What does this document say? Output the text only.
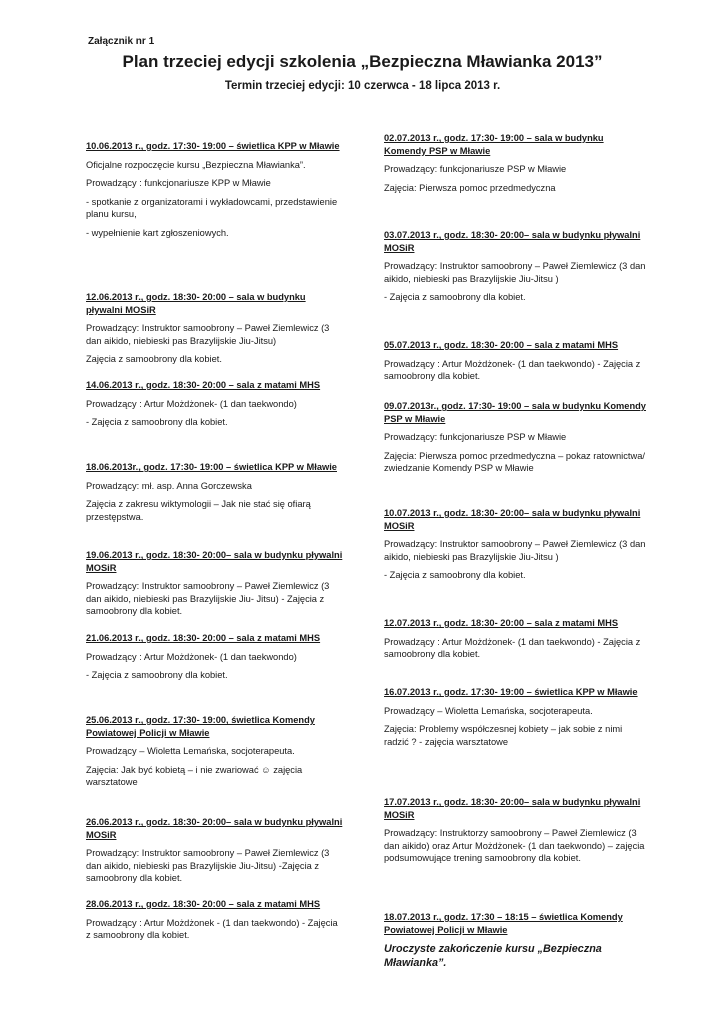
Załącznik nr 1
Plan trzeciej edycji szkolenia „Bezpieczna Mławianka 2013”
Termin trzeciej edycji: 10 czerwca - 18 lipca 2013 r.
10.06.2013 r., godz. 17:30- 19:00 – świetlica KPP w Mławie

Oficjalne rozpoczęcie kursu „Bezpieczna Mławianka”.

Prowadzący : funkcjonariusze KPP w Mławie

- spotkanie z organizatorami i wykładowcami, przedstawienie planu kursu,

- wypełnienie kart zgłoszeniowych.

12.06.2013 r., godz. 18:30- 20:00 – sala w budynku pływalni MOSiR

Prowadzący: Instruktor samoobrony – Paweł Ziemlewicz (3 dan aikido, niebieski pas Brazylijskie Jiu-Jitsu)

Zajęcia z samoobrony dla kobiet.

14.06.2013 r., godz. 18:30- 20:00 – sala z matami MHS

Prowadzący : Artur Możdżonek- (1 dan taekwondo)

- Zajęcia z samoobrony dla kobiet.

18.06.2013r., godz. 17:30- 19:00 – świetlica KPP w Mławie

Prowadzący: mł. asp. Anna Gorczewska

Zajęcia z zakresu wiktymologii – Jak nie stać się ofiarą przestępstwa.

19.06.2013 r., godz. 18:30- 20:00– sala w budynku pływalni MOSiR

Prowadzący: Instruktor samoobrony – Paweł Ziemlewicz (3 dan aikido, niebieski pas Brazylijskie Jiu- Jitsu) - Zajęcia z samoobrony dla kobiet.

21.06.2013 r., godz. 18:30- 20:00 – sala z matami MHS

Prowadzący : Artur Możdżonek- (1 dan taekwondo)

- Zajęcia z samoobrony dla kobiet.

25.06.2013 r., godz. 17:30- 19:00, świetlica Komendy Powiatowej Policji w Mławie

Prowadzący – Wioletta Lemańska, socjoterapeuta.

Zajęcia: Jak być kobietą – i nie zwariować ☺ zajęcia warsztatowe

26.06.2013 r., godz. 18:30- 20:00– sala w budynku pływalni MOSiR

Prowadzący: Instruktor samoobrony – Paweł Ziemlewicz (3 dan aikido, niebieski pas Brazylijskie Jiu-Jitsu) -Zajęcia z samoobrony dla kobiet.

28.06.2013 r., godz. 18:30- 20:00 – sala z matami MHS

Prowadzący : Artur Możdżonek - (1 dan taekwondo) - Zajęcia z samoobrony dla kobiet.

02.07.2013 r., godz. 17:30- 19:00 – sala w budynku Komendy PSP w Mławie

Prowadzący: funkcjonariusze PSP w Mławie

Zajęcia: Pierwsza pomoc przedmedyczna

03.07.2013 r., godz. 18:30- 20:00– sala w budynku pływalni MOSiR

Prowadzący: Instruktor samoobrony – Paweł Ziemlewicz (3 dan aikido, niebieski pas Brazylijskie Jiu-Jitsu )

- Zajęcia z samoobrony dla kobiet.

05.07.2013 r., godz. 18:30- 20:00 – sala z matami MHS

Prowadzący : Artur Możdżonek- (1 dan taekwondo) - Zajęcia z samoobrony dla kobiet.

09.07.2013r., godz. 17:30- 19:00 – sala w budynku Komendy PSP w Mławie

Prowadzący: funkcjonariusze PSP w Mławie

Zajęcia: Pierwsza pomoc przedmedyczna – pokaz ratownictwa/ zwiedzanie Komendy PSP w Mławie

10.07.2013 r., godz. 18:30- 20:00– sala w budynku pływalni MOSiR

Prowadzący: Instruktor samoobrony – Paweł Ziemlewicz (3 dan aikido, niebieski pas Brazylijskie Jiu-Jitsu )

- Zajęcia z samoobrony dla kobiet.

12.07.2013 r., godz. 18:30- 20:00 – sala z matami MHS

Prowadzący : Artur Możdżonek- (1 dan taekwondo) - Zajęcia z samoobrony dla kobiet.

16.07.2013 r., godz. 17:30- 19:00 – świetlica KPP w Mławie

Prowadzący – Wioletta Lemańska, socjoterapeuta.

Zajęcia: Problemy współczesnej kobiety – jak sobie z nimi radzić ? - zajęcia warsztatowe

17.07.2013 r., godz. 18:30- 20:00– sala w budynku pływalni MOSiR

Prowadzący: Instruktorzy samoobrony – Paweł Ziemlewicz (3 dan aikido) oraz Artur Możdżonek- (1 dan taekwondo) – zajęcia podsumowujące trening samoobrony dla kobiet.

18.07.2013 r., godz. 17:30 – 18:15 – świetlica Komendy Powiatowej Policji w Mławie
Uroczyste zakończenie kursu „Bezpieczna Mławianka”.
